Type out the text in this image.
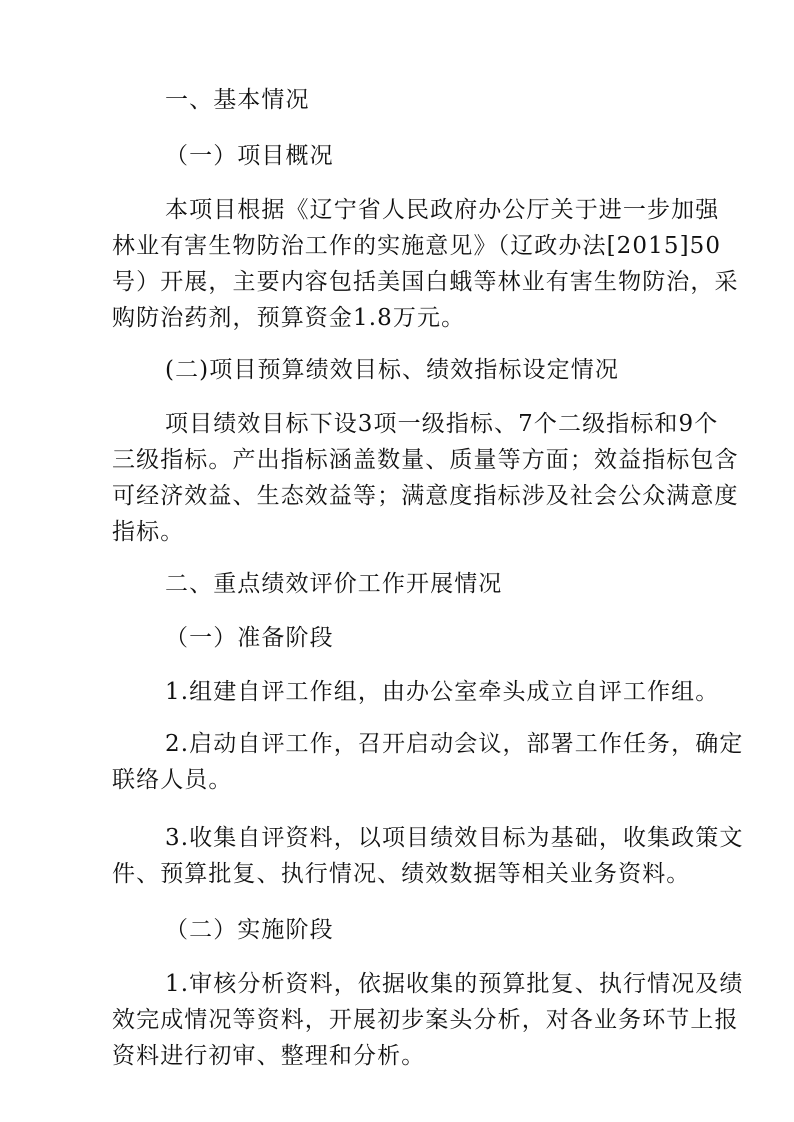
一、基本情况
（一）项目概况
本项目根据《辽宁省人民政府办公厅关于进一步加强
林业有害生物防治工作的实施意见》（辽政办法[2015]50
号）开展，主要内容包括美国白蛾等林业有害生物防治，采
购防治药剂，预算资金1.8万元。
(二)项目预算绩效目标、绩效指标设定情况
项目绩效目标下设3项一级指标、7个二级指标和9个
三级指标。产出指标涵盖数量、质量等方面；效益指标包含
可经济效益、生态效益等；满意度指标涉及社会公众满意度
指标。
二、重点绩效评价工作开展情况
（一）准备阶段
1.组建自评工作组，由办公室牵头成立自评工作组。
2.启动自评工作，召开启动会议，部署工作任务，确定
联络人员。
3.收集自评资料，以项目绩效目标为基础，收集政策文
件、预算批复、执行情况、绩效数据等相关业务资料。
（二）实施阶段
1.审核分析资料，依据收集的预算批复、执行情况及绩
效完成情况等资料，开展初步案头分析，对各业务环节上报
资料进行初审、整理和分析。
